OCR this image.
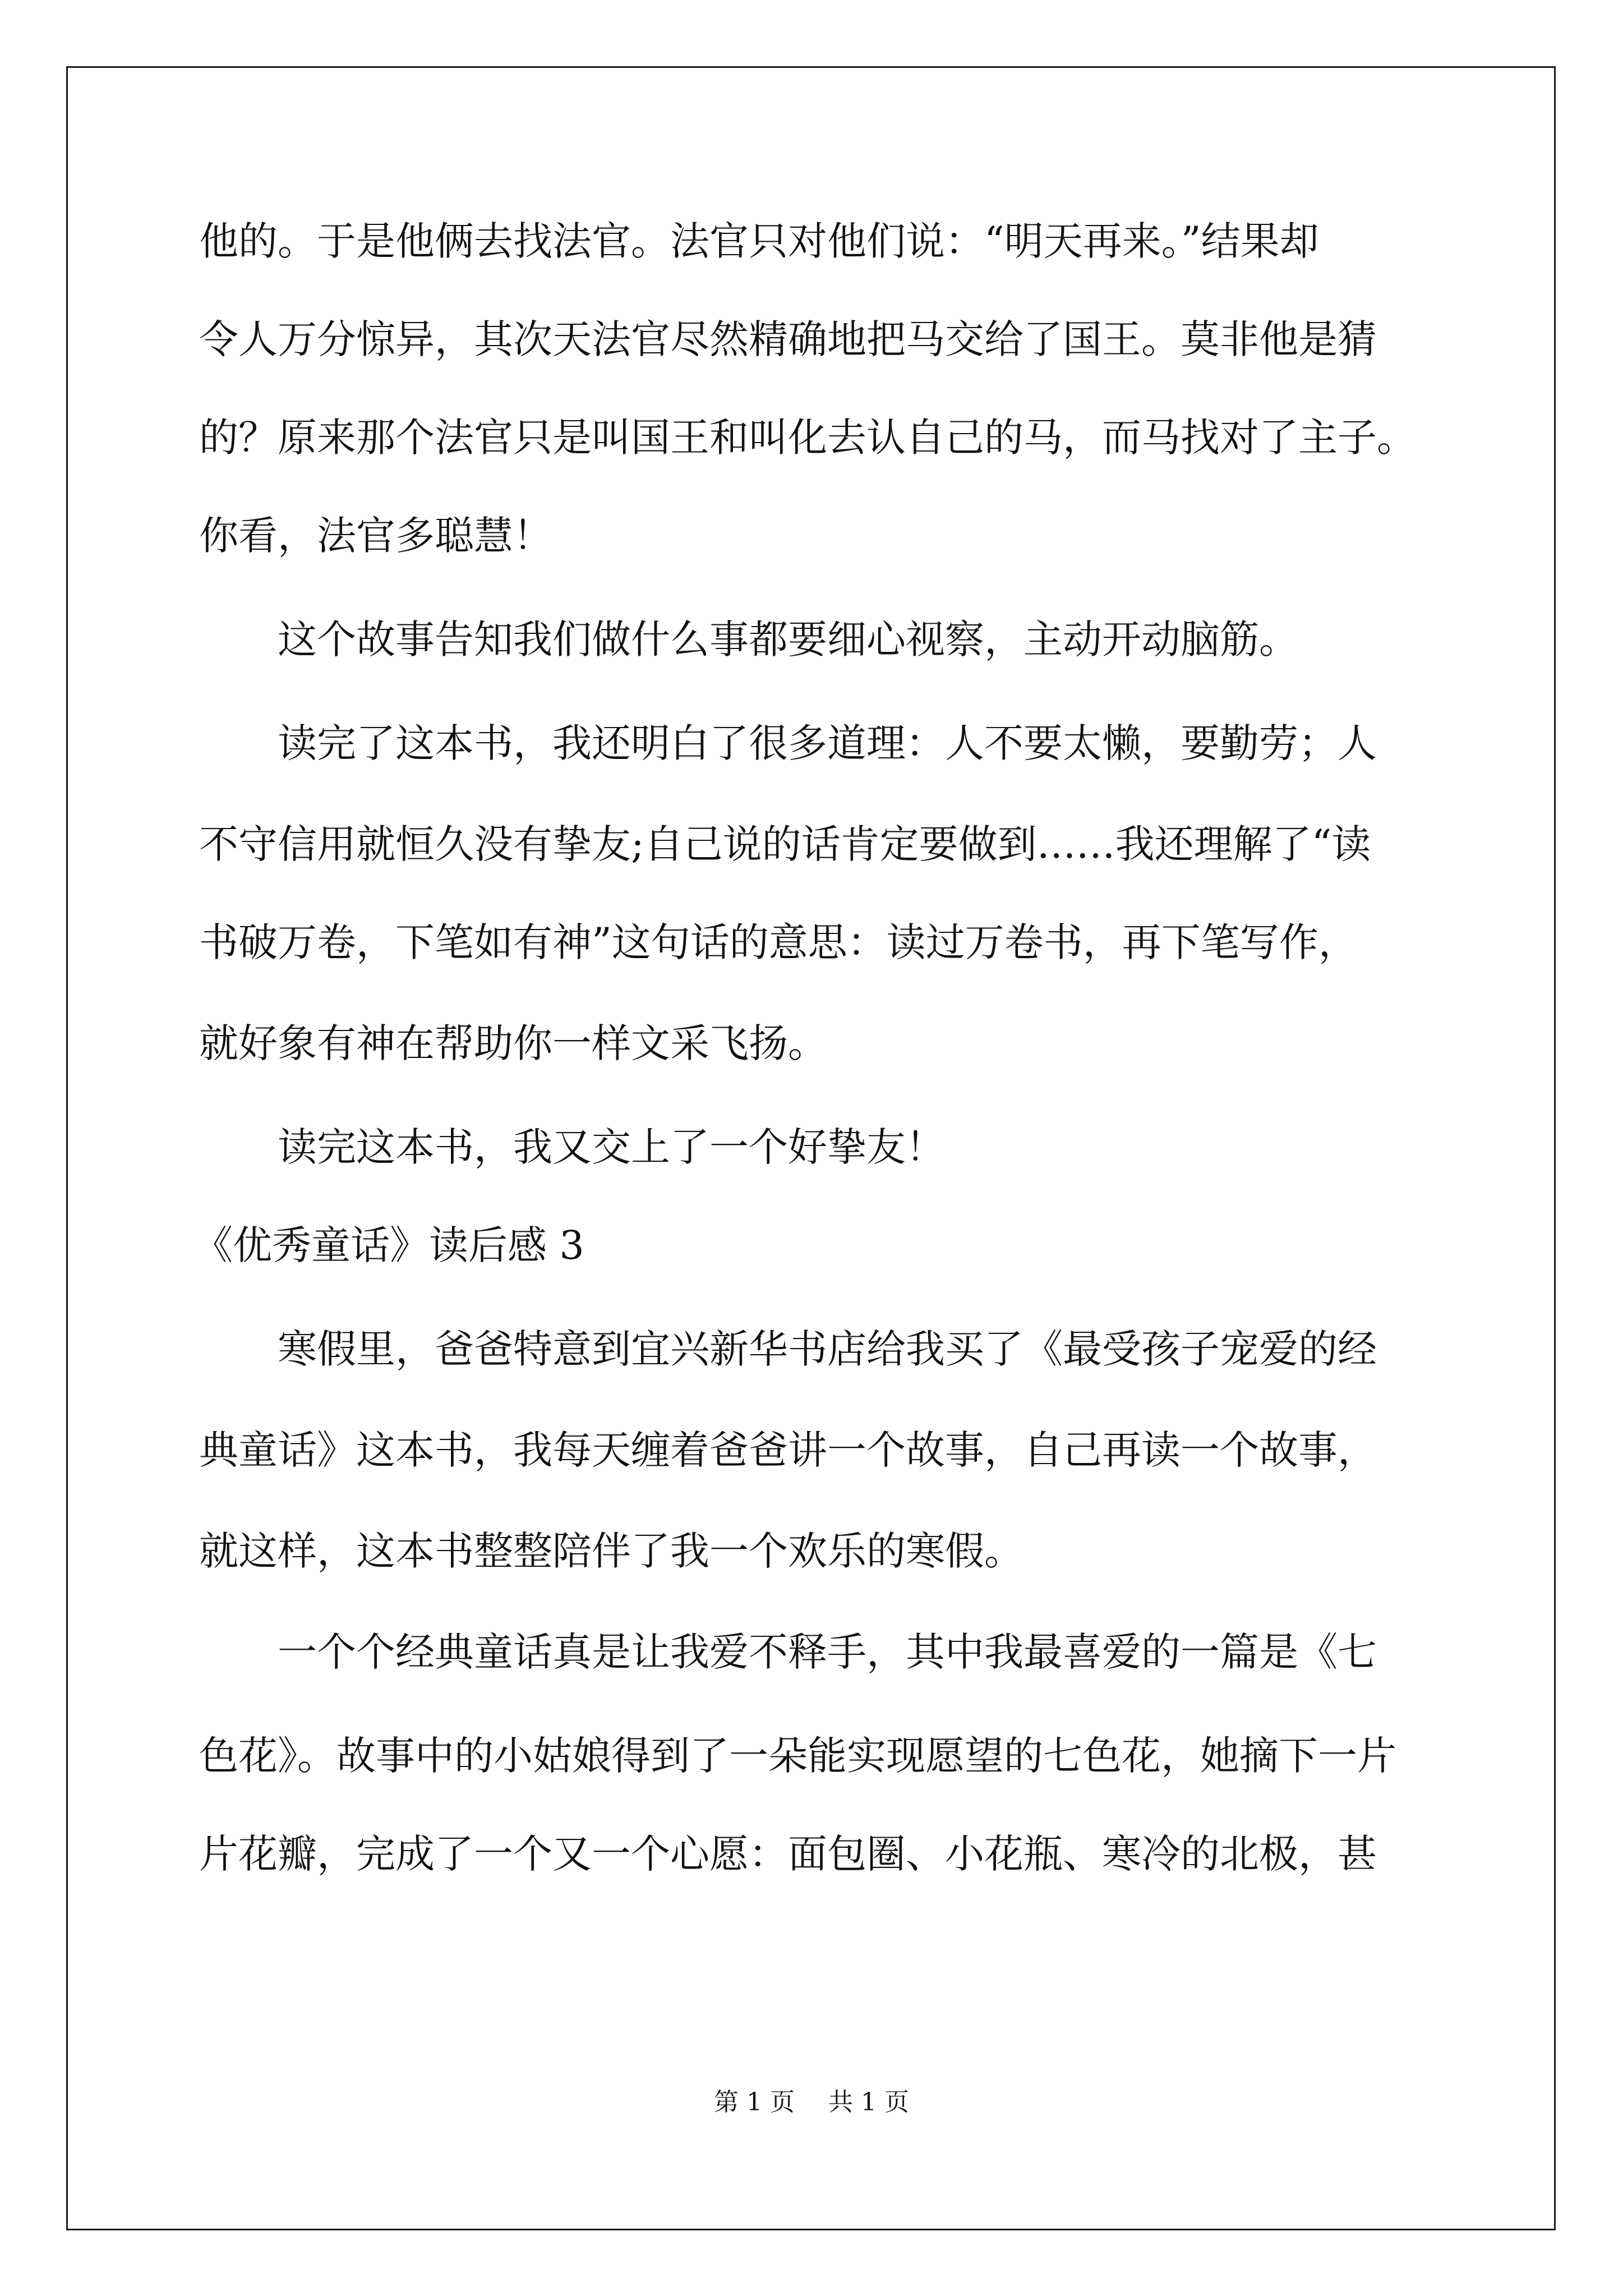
他的。于是他俩去找法官。法官只对他们说：“明天再来。”结果却
令人万分惊异，其次天法官尽然精确地把马交给了国王。莫非他是猜
的？原来那个法官只是叫国王和叫化去认自己的马，而马找对了主子。
你看，法官多聪慧！
这个故事告知我们做什么事都要细心视察，主动开动脑筋。
读完了这本书，我还明白了很多道理：人不要太懒，要勤劳；人
不守信用就恒久没有挚友;自己说的话肯定要做到……我还理解了“读
书破万卷，下笔如有神”这句话的意思：读过万卷书，再下笔写作，
就好象有神在帮助你一样文采飞扬。
读完这本书，我又交上了一个好挚友！
《优秀童话》读后感 3
寒假里，爸爸特意到宜兴新华书店给我买了《最受孩子宠爱的经
典童话》这本书，我每天缠着爸爸讲一个故事，自己再读一个故事，
就这样，这本书整整陪伴了我一个欢乐的寒假。
一个个经典童话真是让我爱不释手，其中我最喜爱的一篇是《七
色花》。故事中的小姑娘得到了一朵能实现愿望的七色花，她摘下一片
片花瓣，完成了一个又一个心愿：面包圈、小花瓶、寒冷的北极，甚
第 1 页 共 1 页
